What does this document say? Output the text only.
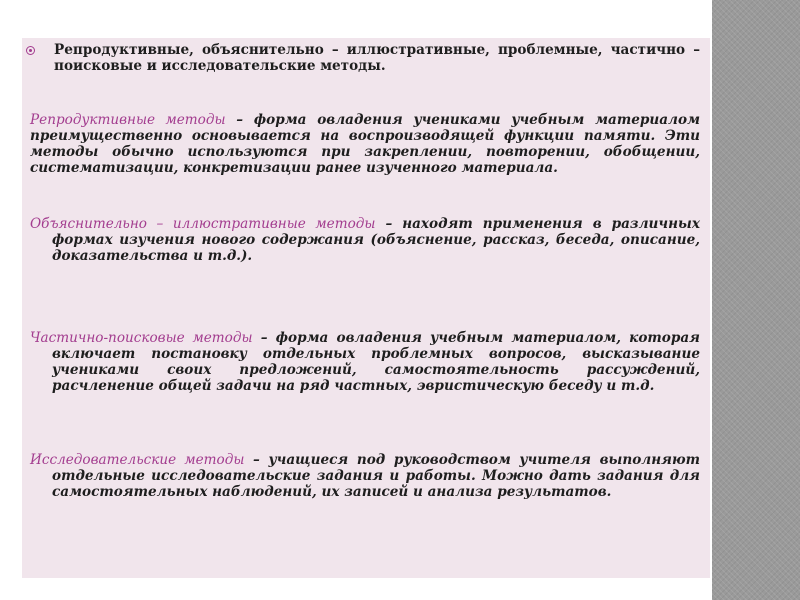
Репродуктивные, объяснительно – иллюстративные, проблемные, частично – поисковые и исследовательские методы.

Репродуктивные методы – форма овладения учениками учебным материалом преимущественно основывается на воспроизводящей функции памяти. Эти методы обычно используются при закреплении, повторении, обобщении, систематизации, конкретизации ранее изученного материала.

Объяснительно – иллюстративные методы – находят применения в различных формах изучения нового содержания (объяснение, рассказ, беседа, описание, доказательства и т.д.).

Частично-поисковые методы – форма овладения учебным материалом, которая включает постановку отдельных проблемных вопросов, высказывание учениками своих предложений, самостоятельность рассуждений, расчленение общей задачи на ряд частных, эвристическую беседу и т.д.

Исследовательские методы – учащиеся под руководством учителя выполняют отдельные исследовательские задания и работы. Можно дать задания для самостоятельных наблюдений, их записей и анализа результатов.
